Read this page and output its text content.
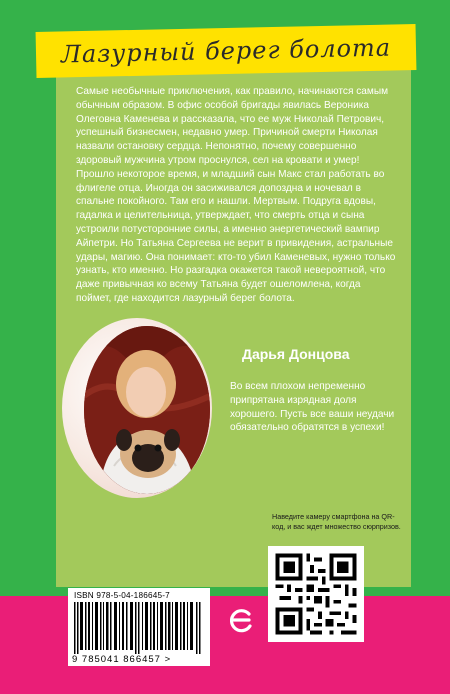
Лазурный берег болота

Самые необычные приключения, как правило, начинаются самым обычным образом. В офис особой бригады явилась Вероника Олеговна Каменева и рассказала, что ее муж Николай Петрович, успешный бизнесмен, недавно умер. Причиной смерти Николая назвали остановку сердца. Непонятно, почему совершенно здоровый мужчина утром проснулся, сел на кровати и умер! Прошло некоторое время, и младший сын Макс стал работать во флигеле отца. Иногда он засиживался допоздна и ночевал в спальне покойного. Там его и нашли. Мертвым. Подруга вдовы, гадалка и целительница, утверждает, что смерть отца и сына устроили потусторонние силы, а именно энергетический вампир Айпетри. Но Татьяна Сергеева не верит в привидения, астральные удары, магию. Она понимает: кто-то убил Каменевых, нужно только узнать, кто именно. Но разгадка окажется такой невероятной, что даже привычная ко всему Татьяна будет ошеломлена, когда поймет, где находится лазурный берег болота.

Дарья Донцова

Во всем плохом непременно припрятана изрядная доля хорошего. Пусть все ваши неудачи обязательно обратятся в успехи!

Наведите камеру смартфона на QR-код, и вас ждет множество сюрпризов.

ISBN 978-5-04-186645-7
9 785041 866457 >
